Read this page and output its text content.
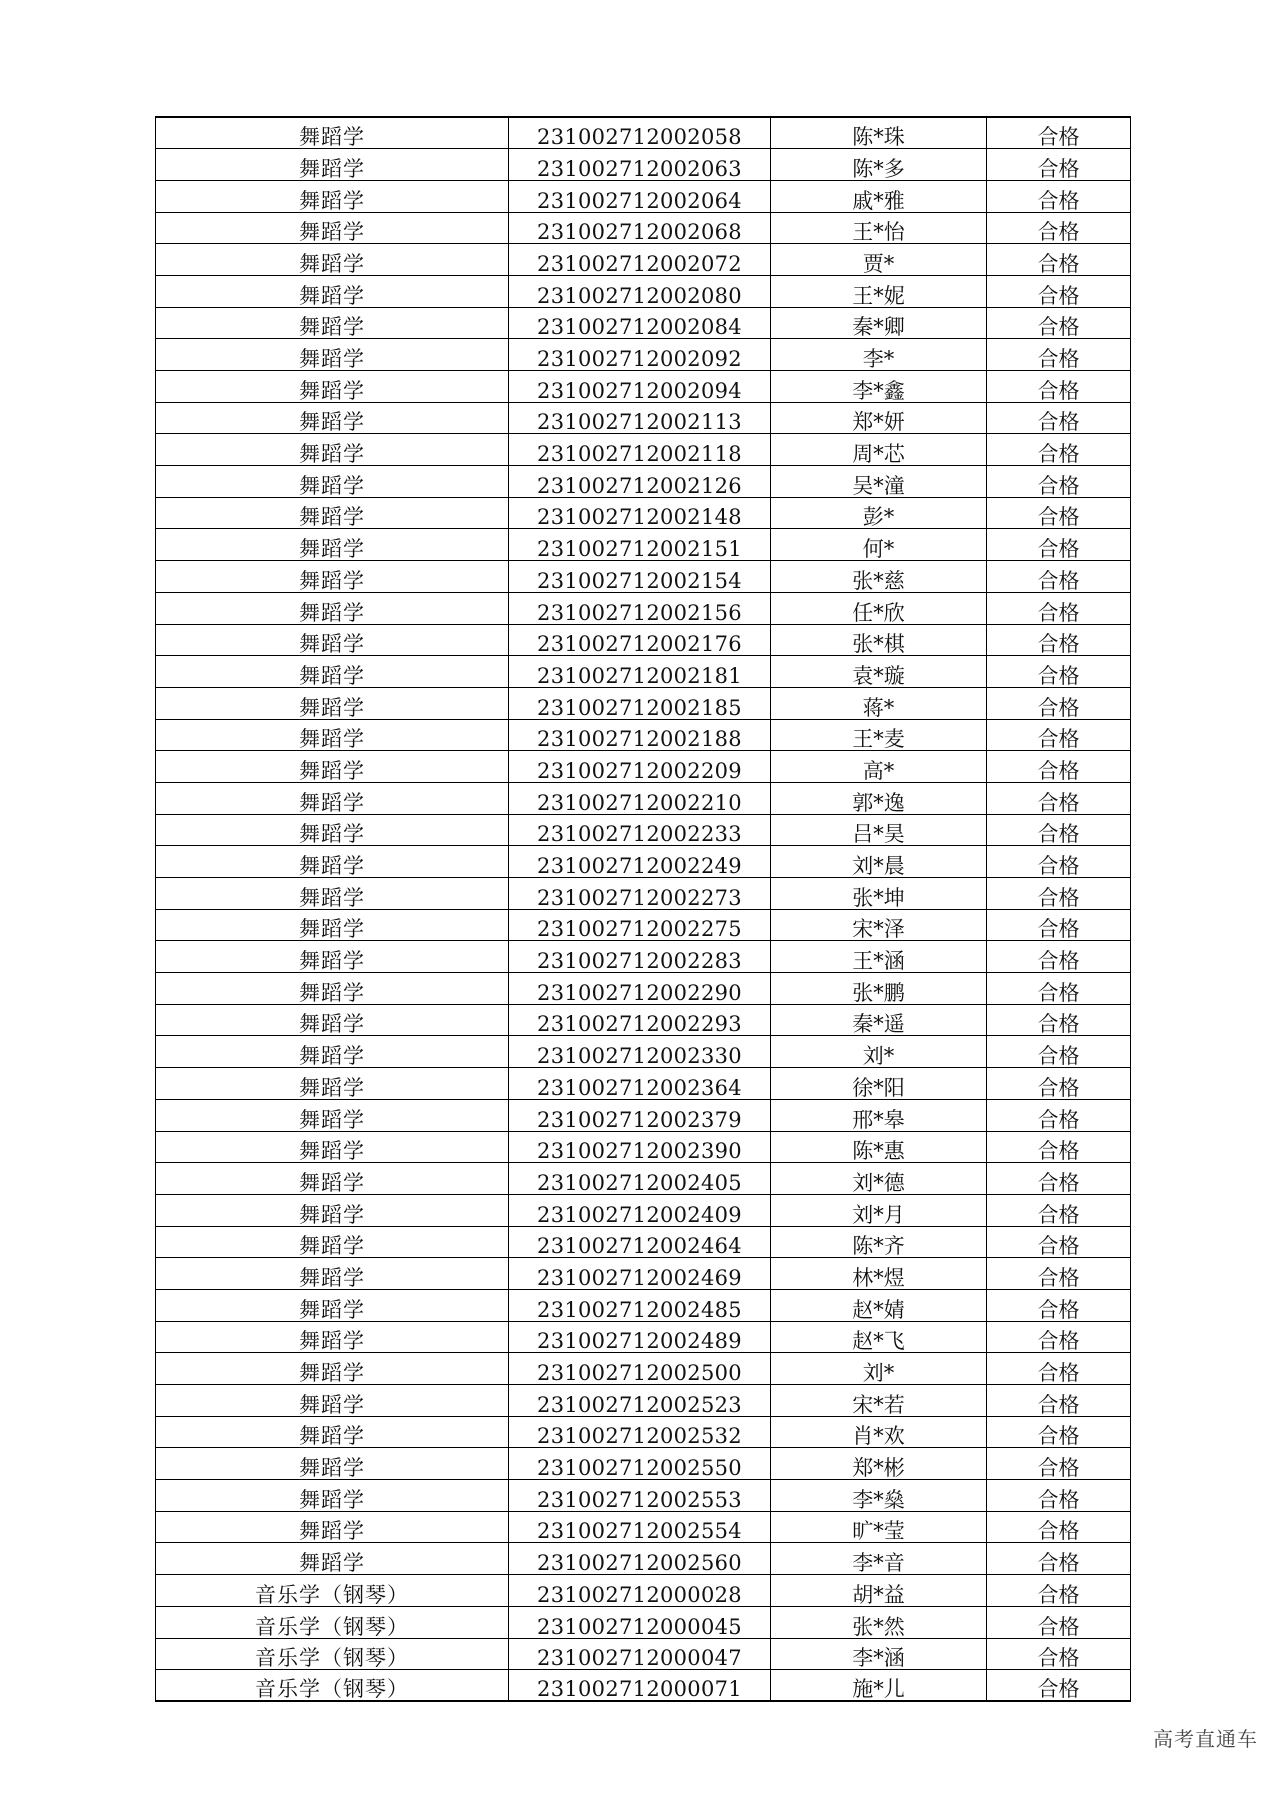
舞蹈学	231002712002058	陈*珠	合格
舞蹈学	231002712002063	陈*多	合格
舞蹈学	231002712002064	戚*雅	合格
舞蹈学	231002712002068	王*怡	合格
舞蹈学	231002712002072	贾*	合格
舞蹈学	231002712002080	王*妮	合格
舞蹈学	231002712002084	秦*卿	合格
舞蹈学	231002712002092	李*	合格
舞蹈学	231002712002094	李*鑫	合格
舞蹈学	231002712002113	郑*妍	合格
舞蹈学	231002712002118	周*芯	合格
舞蹈学	231002712002126	吴*潼	合格
舞蹈学	231002712002148	彭*	合格
舞蹈学	231002712002151	何*	合格
舞蹈学	231002712002154	张*慈	合格
舞蹈学	231002712002156	任*欣	合格
舞蹈学	231002712002176	张*棋	合格
舞蹈学	231002712002181	袁*璇	合格
舞蹈学	231002712002185	蒋*	合格
舞蹈学	231002712002188	王*麦	合格
舞蹈学	231002712002209	高*	合格
舞蹈学	231002712002210	郭*逸	合格
舞蹈学	231002712002233	吕*昊	合格
舞蹈学	231002712002249	刘*晨	合格
舞蹈学	231002712002273	张*坤	合格
舞蹈学	231002712002275	宋*泽	合格
舞蹈学	231002712002283	王*涵	合格
舞蹈学	231002712002290	张*鹏	合格
舞蹈学	231002712002293	秦*遥	合格
舞蹈学	231002712002330	刘*	合格
舞蹈学	231002712002364	徐*阳	合格
舞蹈学	231002712002379	邢*皋	合格
舞蹈学	231002712002390	陈*惠	合格
舞蹈学	231002712002405	刘*德	合格
舞蹈学	231002712002409	刘*月	合格
舞蹈学	231002712002464	陈*齐	合格
舞蹈学	231002712002469	林*煜	合格
舞蹈学	231002712002485	赵*婧	合格
舞蹈学	231002712002489	赵*飞	合格
舞蹈学	231002712002500	刘*	合格
舞蹈学	231002712002523	宋*若	合格
舞蹈学	231002712002532	肖*欢	合格
舞蹈学	231002712002550	郑*彬	合格
舞蹈学	231002712002553	李*燊	合格
舞蹈学	231002712002554	旷*莹	合格
舞蹈学	231002712002560	李*音	合格
音乐学（钢琴）	231002712000028	胡*益	合格
音乐学（钢琴）	231002712000045	张*然	合格
音乐学（钢琴）	231002712000047	李*涵	合格
音乐学（钢琴）	231002712000071	施*儿	合格
高考直通车
